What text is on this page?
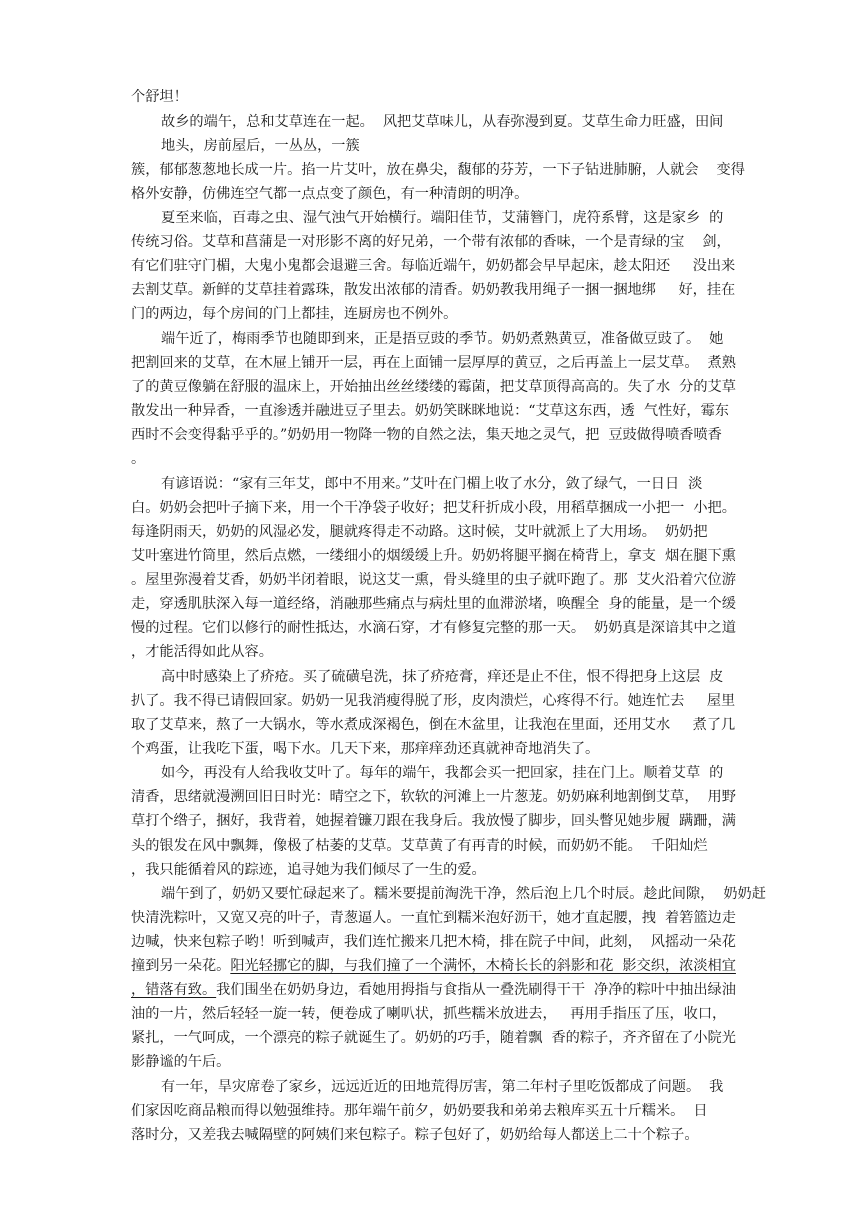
个舒坦！
故乡的端午，总和艾草连在一起。  风把艾草味儿，从春弥漫到夏。艾草生命力旺盛，田间
地头，房前屋后，一丛丛，一簇
簇，郁郁葱葱地长成一片。掐一片艾叶，放在鼻尖，馥郁的芬芳，一下子钻进肺腑，人就会    变得
格外安静，仿佛连空气都一点点变了颜色，有一种清朗的明净。
夏至来临，百毒之虫、湿气浊气开始横行。端阳佳节，艾蒲簪门，虎符系臂，这是家乡  的
传统习俗。艾草和菖蒲是一对形影不离的好兄弟，一个带有浓郁的香味，一个是青绿的宝    剑，
有它们驻守门楣，大鬼小鬼都会退避三舍。每临近端午，奶奶都会早早起床，趁太阳还     没出来
去割艾草。新鲜的艾草挂着露珠，散发出浓郁的清香。奶奶教我用绳子一捆一捆地绑     好，挂在
门的两边，每个房间的门上都挂，连厨房也不例外。
端午近了，梅雨季节也随即到来，正是捂豆豉的季节。奶奶煮熟黄豆，准备做豆豉了。  她
把割回来的艾草，在木屉上铺开一层，再在上面铺一层厚厚的黄豆，之后再盖上一层艾草。  煮熟
了的黄豆像躺在舒服的温床上，开始抽出丝丝缕缕的霉菌，把艾草顶得高高的。失了水  分的艾草
散发出一种异香，一直渗透并融进豆子里去。奶奶笑眯眯地说：“艾草这东西，透  气性好，霉东
西时不会变得黏乎乎的。”奶奶用一物降一物的自然之法，集天地之灵气，把  豆豉做得喷香喷香
。
有谚语说：“家有三年艾，郎中不用来。”艾叶在门楣上收了水分，敛了绿气，一日日  淡
白。奶奶会把叶子摘下来，用一个干净袋子收好；把艾秆折成小段，用稻草捆成一小把一  小把。
每逢阴雨天，奶奶的风湿必发，腿就疼得走不动路。这时候，艾叶就派上了大用场。  奶奶把
艾叶塞进竹筒里，然后点燃，一缕细小的烟缓缓上升。奶奶将腿平搁在椅背上，拿支  烟在腿下熏
。屋里弥漫着艾香，奶奶半闭着眼，说这艾一熏，骨头缝里的虫子就吓跑了。那  艾火沿着穴位游
走，穿透肌肤深入每一道经络，消融那些痛点与病灶里的血滞淤堵，唤醒全  身的能量，是一个缓
慢的过程。它们以修行的耐性抵达，水滴石穿，才有修复完整的那一天。  奶奶真是深谙其中之道
，才能活得如此从容。
高中时感染上了疥疮。买了硫磺皂洗，抹了疥疮膏，痒还是止不住，恨不得把身上这层  皮
扒了。我不得已请假回家。奶奶一见我消瘦得脱了形，皮肉溃烂，心疼得不行。她连忙去     屋里
取了艾草来，熬了一大锅水，等水煮成深褐色，倒在木盆里，让我泡在里面，还用艾水     煮了几
个鸡蛋，让我吃下蛋，喝下水。几天下来，那痒痒劲还真就神奇地消失了。
如今，再没有人给我收艾叶了。每年的端午，我都会买一把回家，挂在门上。顺着艾草  的
清香，思绪就漫溯回旧日时光：晴空之下，软软的河滩上一片葱茏。奶奶麻利地割倒艾草，  用野
草打个绺子，捆好，我背着，她握着镰刀跟在我身后。我放慢了脚步，回头瞥见她步履  蹒跚，满
头的银发在风中飘舞，像极了枯萎的艾草。艾草黄了有再青的时候，而奶奶不能。  千阳灿烂
，我只能循着风的踪迹，追寻她为我们倾尽了一生的爱。
端午到了，奶奶又要忙碌起来了。糯米要提前淘洗干净，然后泡上几个时辰。趁此间隙，  奶奶赶
快清洗粽叶，又宽又亮的叶子，青葱逼人。一直忙到糯米泡好沥干，她才直起腰，拽  着箬篮边走
边喊，快来包粽子哟！听到喊声，我们连忙搬来几把木椅，排在院子中间，此刻，  风摇动一朵花
撞到另一朵花。阳光轻挪它的脚，与我们撞了一个满怀，木椅长长的斜影和花  影交织，浓淡相宜
，错落有致。我们围坐在奶奶身边，看她用拇指与食指从一叠洗刷得干干  净净的粽叶中抽出绿油
油的一片，然后轻轻一旋一转，便卷成了喇叭状，抓些糯米放进去，   再用手指压了压，收口，
紧扎，一气呵成，一个漂亮的粽子就诞生了。奶奶的巧手，随着飘  香的粽子，齐齐留在了小院光
影静谧的午后。
有一年，旱灾席卷了家乡，远远近近的田地荒得厉害，第二年村子里吃饭都成了问题。  我
们家因吃商品粮而得以勉强维持。那年端午前夕，奶奶要我和弟弟去粮库买五十斤糯米。  日
落时分，又差我去喊隔壁的阿姨们来包粽子。粽子包好了，奶奶给每人都送上二十个粽子。
